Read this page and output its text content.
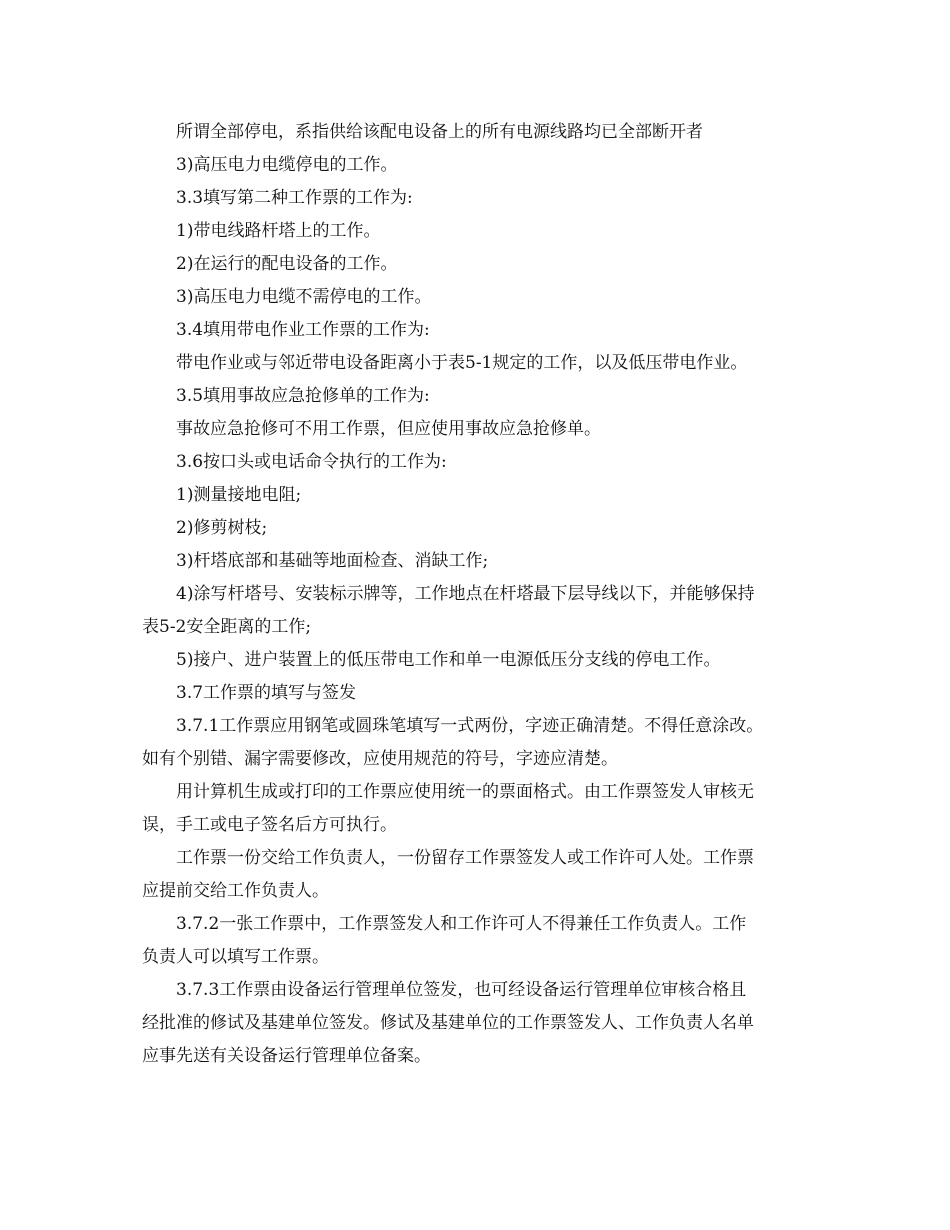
所谓全部停电，系指供给该配电设备上的所有电源线路均已全部断开者

3)高压电力电缆停电的工作。

3.3填写第二种工作票的工作为:

1)带电线路杆塔上的工作。

2)在运行的配电设备的工作。

3)高压电力电缆不需停电的工作。

3.4填用带电作业工作票的工作为:

带电作业或与邻近带电设备距离小于表5-1规定的工作，以及低压带电作业。

3.5填用事故应急抢修单的工作为:

事故应急抢修可不用工作票，但应使用事故应急抢修单。

3.6按口头或电话命令执行的工作为:

1)测量接地电阻;

2)修剪树枝;

3)杆塔底部和基础等地面检查、消缺工作;

4)涂写杆塔号、安装标示牌等，工作地点在杆塔最下层导线以下，并能够保持

表5-2安全距离的工作;

5)接户、进户装置上的低压带电工作和单一电源低压分支线的停电工作。

3.7工作票的填写与签发

3.7.1工作票应用钢笔或圆珠笔填写一式两份，字迹正确清楚。不得任意涂改。

如有个别错、漏字需要修改，应使用规范的符号，字迹应清楚。

用计算机生成或打印的工作票应使用统一的票面格式。由工作票签发人审核无

误，手工或电子签名后方可执行。

工作票一份交给工作负责人，一份留存工作票签发人或工作许可人处。工作票

应提前交给工作负责人。

3.7.2一张工作票中，工作票签发人和工作许可人不得兼任工作负责人。工作

负责人可以填写工作票。

3.7.3工作票由设备运行管理单位签发，也可经设备运行管理单位审核合格且

经批准的修试及基建单位签发。修试及基建单位的工作票签发人、工作负责人名单

应事先送有关设备运行管理单位备案。
